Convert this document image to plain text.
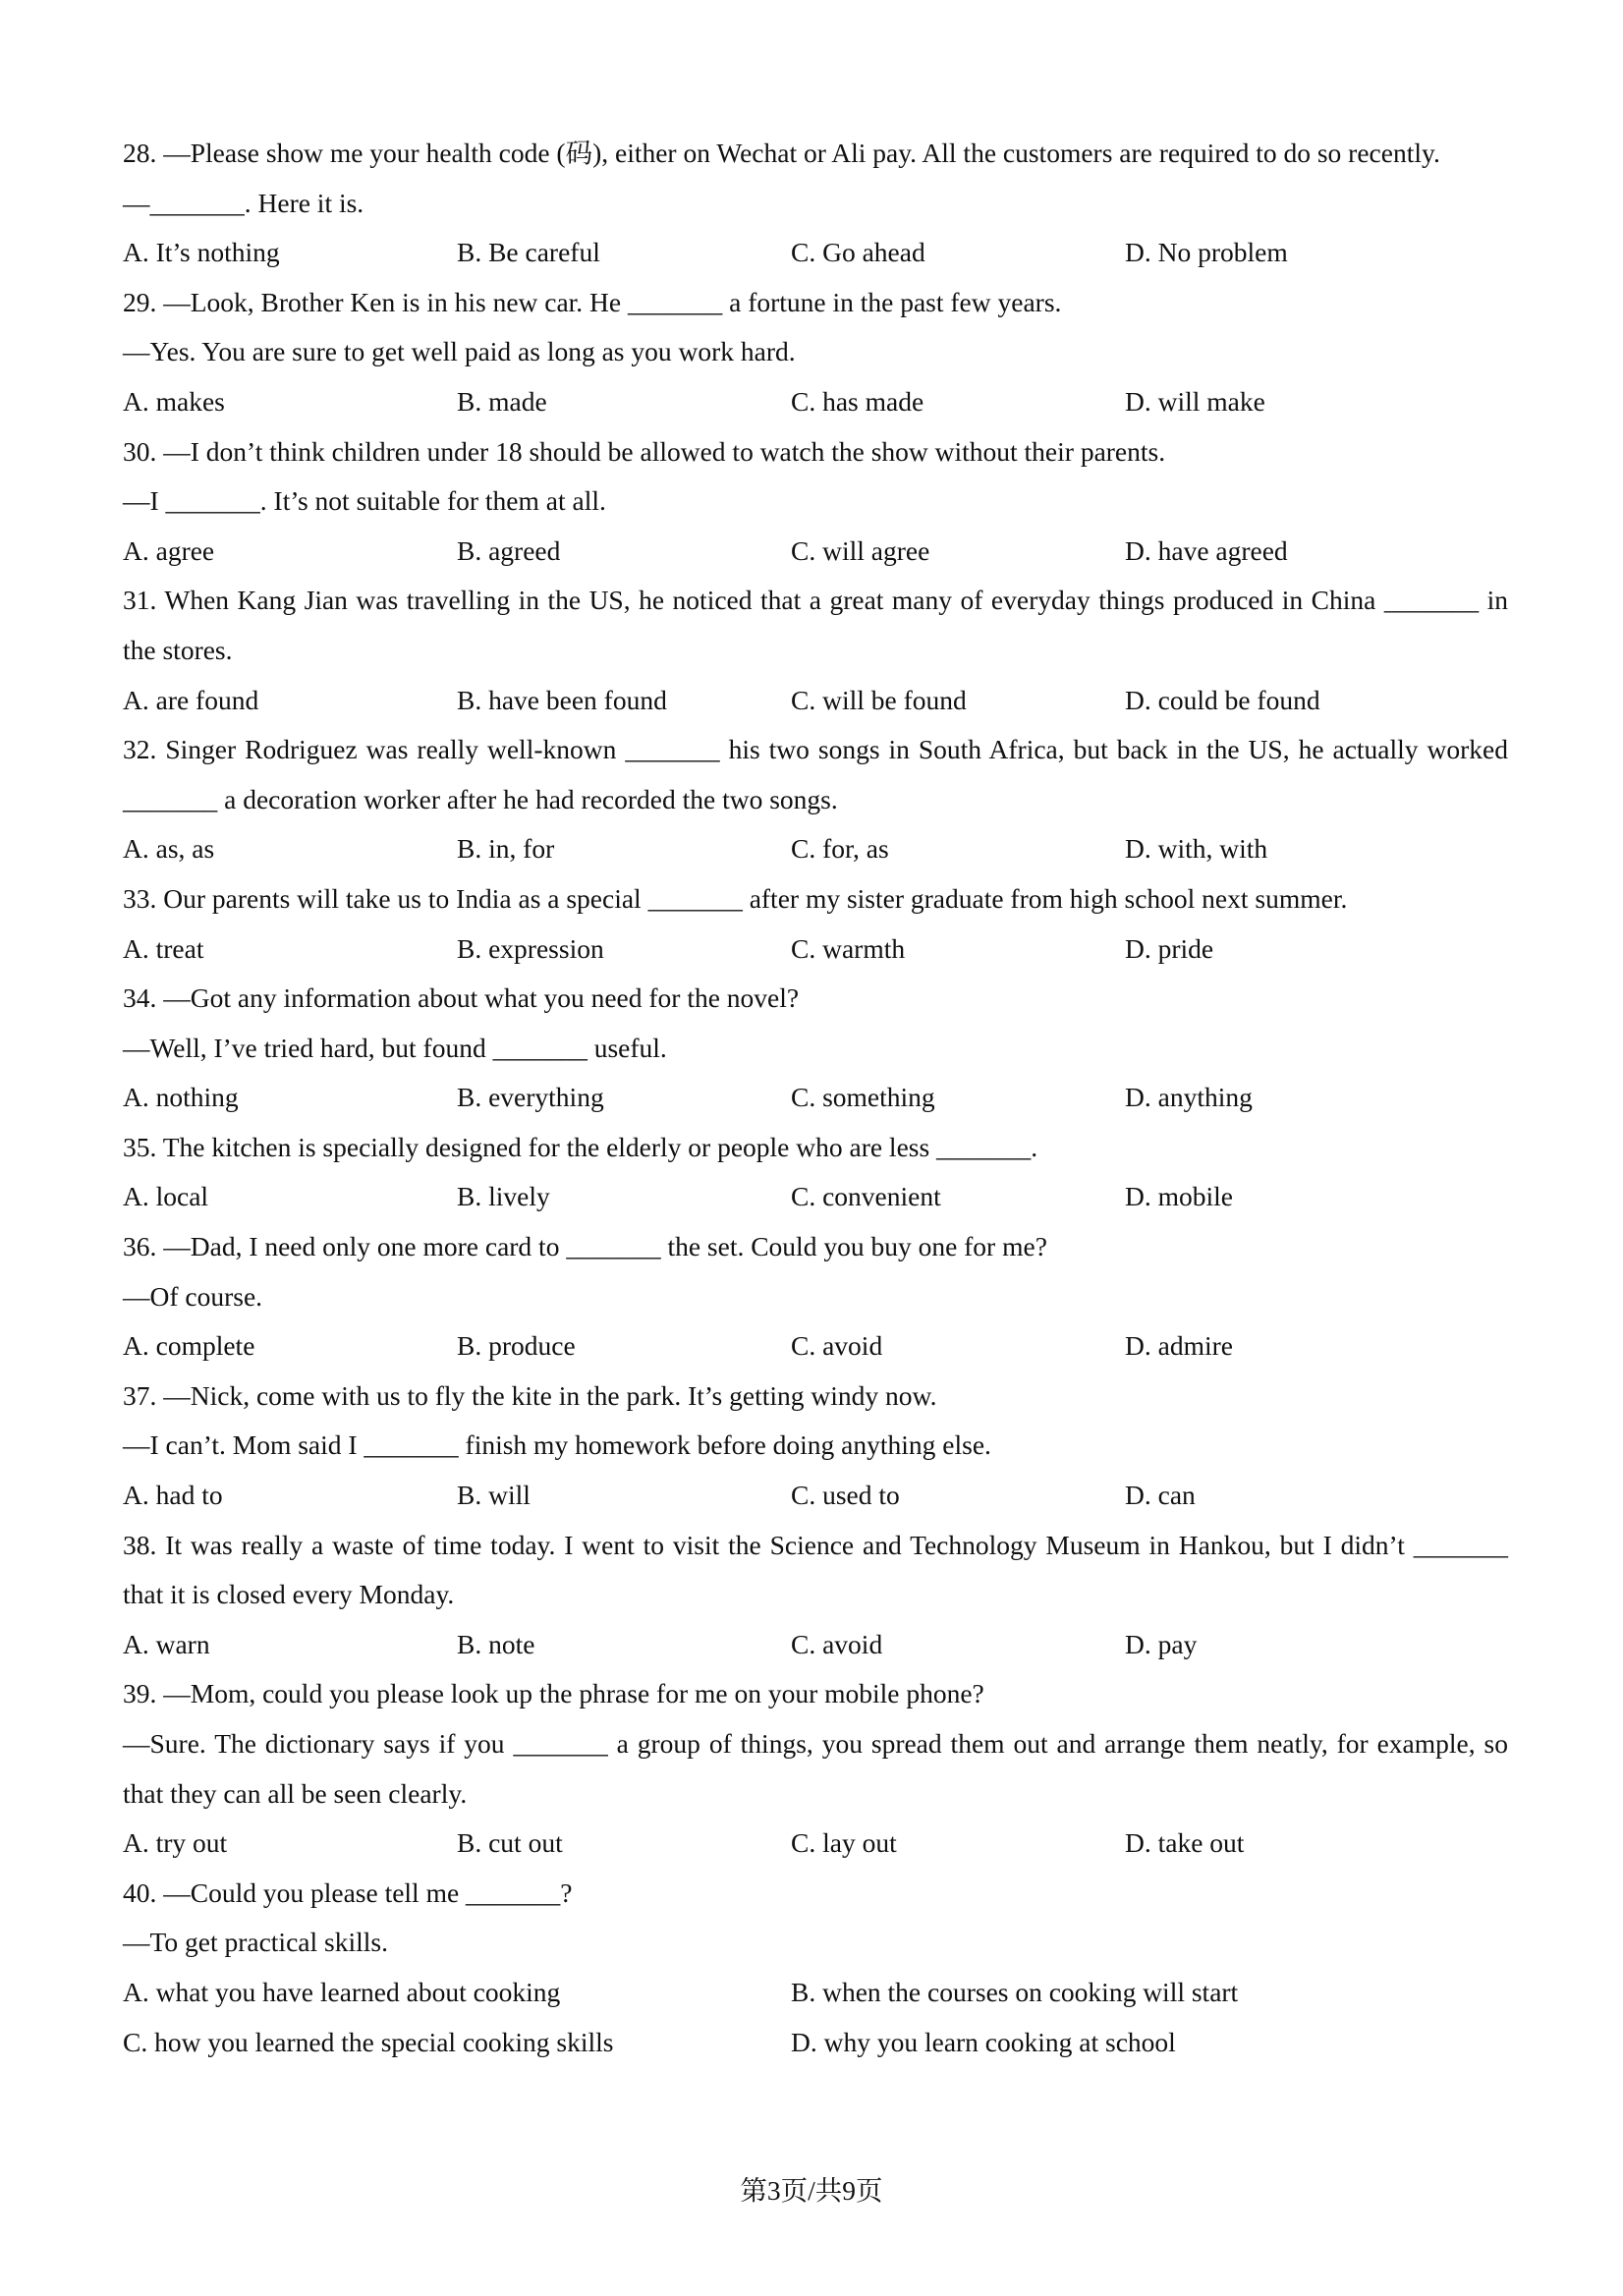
28. —Please show me your health code (码), either on Wechat or Ali pay. All the customers are required to do so recently.
—_______. Here it is.
A. It’s nothing	B. Be careful	C. Go ahead	D. No problem
29. —Look, Brother Ken is in his new car. He _______ a fortune in the past few years.
—Yes. You are sure to get well paid as long as you work hard.
A. makes	B. made	C. has made	D. will make
30. —I don’t think children under 18 should be allowed to watch the show without their parents.
—I _______. It’s not suitable for them at all.
A. agree	B. agreed	C. will agree	D. have agreed
31. When Kang Jian was travelling in the US, he noticed that a great many of everyday things produced in China _______ in the stores.
A. are found	B. have been found	C. will be found	D. could be found
32. Singer Rodriguez was really well-known _______ his two songs in South Africa, but back in the US, he actually worked _______ a decoration worker after he had recorded the two songs.
A. as, as	B. in, for	C. for, as	D. with, with
33. Our parents will take us to India as a special _______ after my sister graduate from high school next summer.
A. treat	B. expression	C. warmth	D. pride
34. —Got any information about what you need for the novel?
—Well, I’ve tried hard, but found _______ useful.
A. nothing	B. everything	C. something	D. anything
35. The kitchen is specially designed for the elderly or people who are less _______.
A. local	B. lively	C. convenient	D. mobile
36. —Dad, I need only one more card to _______ the set. Could you buy one for me?
—Of course.
A. complete	B. produce	C. avoid	D. admire
37. —Nick, come with us to fly the kite in the park. It’s getting windy now.
—I can’t. Mom said I _______ finish my homework before doing anything else.
A. had to	B. will	C. used to	D. can
38. It was really a waste of time today. I went to visit the Science and Technology Museum in Hankou, but I didn’t _______ that it is closed every Monday.
A. warn	B. note	C. avoid	D. pay
39. —Mom, could you please look up the phrase for me on your mobile phone?
—Sure. The dictionary says if you _______ a group of things, you spread them out and arrange them neatly, for example, so that they can all be seen clearly.
A. try out	B. cut out	C. lay out	D. take out
40. —Could you please tell me _______?
—To get practical skills.
A. what you have learned about cooking	B. when the courses on cooking will start
C. how you learned the special cooking skills	D. why you learn cooking at school
第3页/共9页
